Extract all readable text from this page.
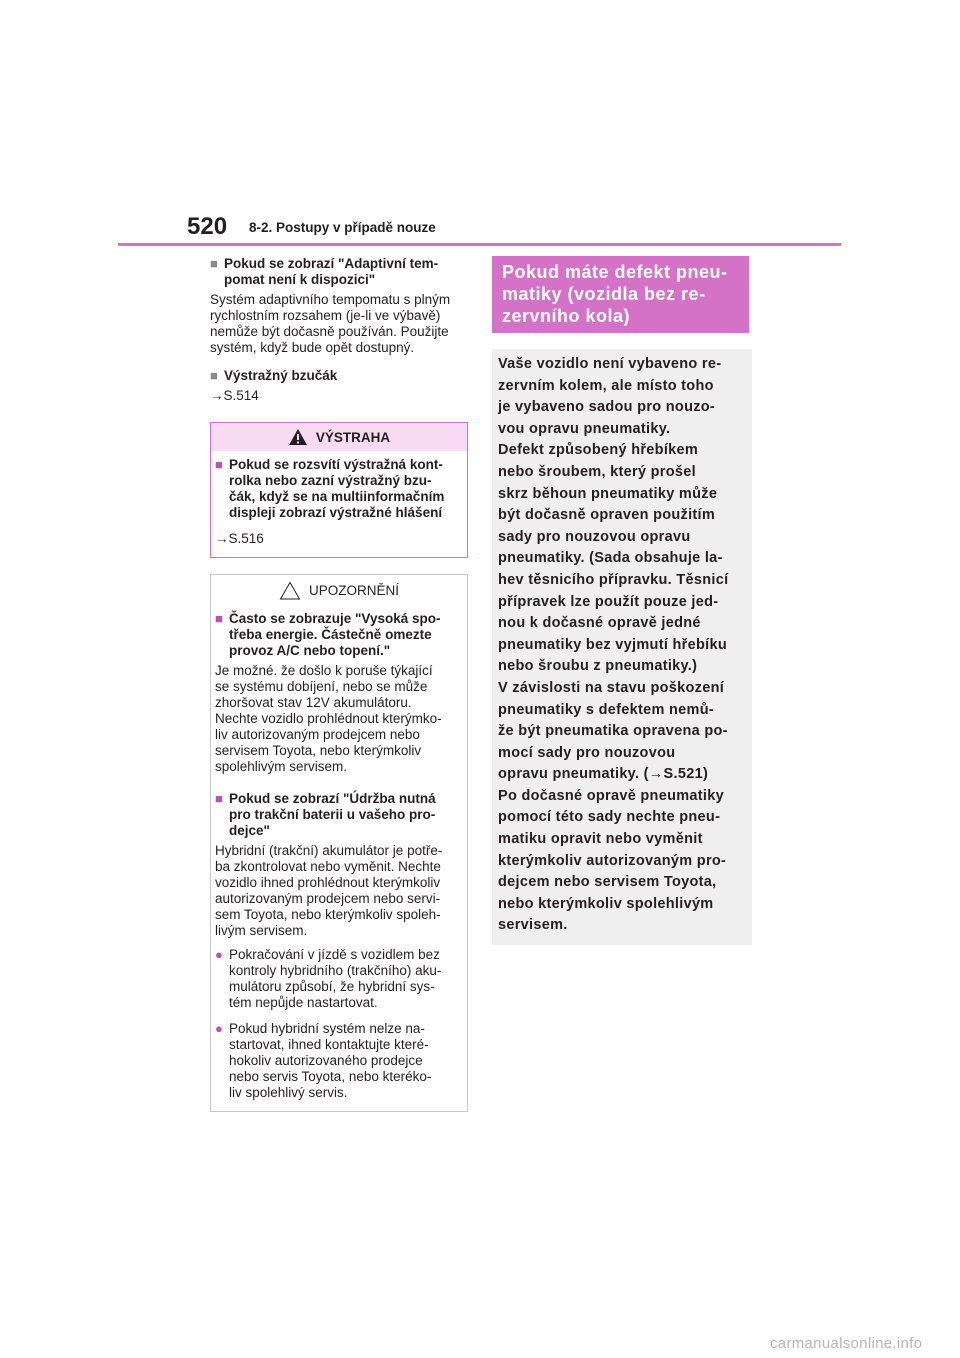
520 8-2. Postupy v případě nouze
■ Pokud se zobrazí "Adaptivní tem-
pomat není k dispozici"
Systém adaptivního tempomatu s plným
rychlostním rozsahem (je-li ve výbavě)
nemůže být dočasně používán. Použijte
systém, když bude opět dostupný.
■ Výstražný bzučák
→S.514
VÝSTRAHA
■ Pokud se rozsvítí výstražná kont-
rolka nebo zazní výstražný bzu-
čák, když se na multiinformačním
displeji zobrazí výstražné hlášení
→S.516
UPOZORNĚNÍ
■ Často se zobrazuje "Vysoká spo-
třeba energie. Částečně omezte
provoz A/C nebo topení."
Je možné. že došlo k poruše týkající
se systému dobíjení, nebo se může
zhoršovat stav 12V akumulátoru.
Nechte vozidlo prohlédnout kterýmko-
liv autorizovaným prodejcem nebo
servisem Toyota, nebo kterýmkoliv
spolehlivým servisem.
■ Pokud se zobrazí "Údržba nutná
pro trakční baterii u vašeho pro-
dejce"
Hybridní (trakční) akumulátor je potře-
ba zkontrolovat nebo vyměnit. Nechte
vozidlo ihned prohlédnout kterýmkoliv
autorizovaným prodejcem nebo servi-
sem Toyota, nebo kterýmkoliv spoleh-
livým servisem.
● Pokračování v jízdě s vozidlem bez
kontroly hybridního (trakčního) aku-
mulátoru způsobí, že hybridní sys-
tém nepůjde nastartovat.
● Pokud hybridní systém nelze na-
startovat, ihned kontaktujte které-
hokoliv autorizovaného prodejce
nebo servis Toyota, nebo kteréko-
liv spolehlivý servis.
Pokud máte defekt pneu-
matiky (vozidla bez re-
zervního kola)

Vaše vozidlo není vybaveno re-
zervním kolem, ale místo toho
je vybaveno sadou pro nouzo-
vou opravu pneumatiky.
Defekt způsobený hřebíkem
nebo šroubem, který prošel
skrz běhoun pneumatiky může
být dočasně opraven použitím
sady pro nouzovou opravu
pneumatiky. (Sada obsahuje la-
hev těsnicího přípravku. Těsnicí
přípravek lze použít pouze jed-
nou k dočasné opravě jedné
pneumatiky bez vyjmutí hřebíku
nebo šroubu z pneumatiky.)
V závislosti na stavu poškození
pneumatiky s defektem nemů-
že být pneumatika opravena po-
mocí sady pro nouzovou
opravu pneumatiky. (→S.521)
Po dočasné opravě pneumatiky
pomocí této sady nechte pneu-
matiku opravit nebo vyměnit
kterýmkoliv autorizovaným pro-
dejcem nebo servisem Toyota,
nebo kterýmkoliv spolehlivým
servisem.

carmanualsonline.info
